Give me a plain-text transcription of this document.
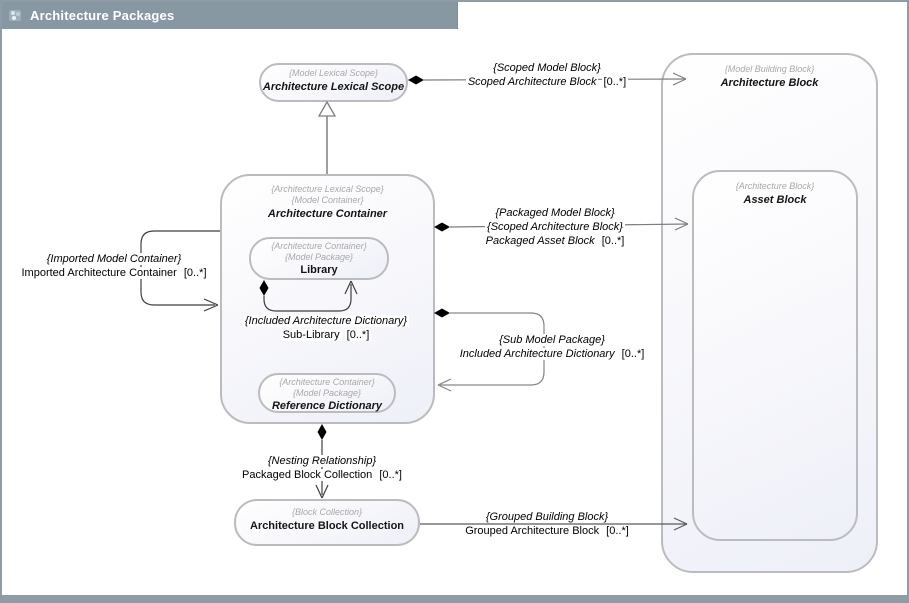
Architecture Packages
{Model Building Block}
Architecture Block
{Architecture Block}
Asset Block
{Model Lexical Scope}
Architecture Lexical Scope
{Architecture Lexical Scope}
{Model Container}
Architecture Container
{Architecture Container}
{Model Package}
Library
{Architecture Container}
{Model Package}
Reference Dictionary
{Block Collection}
Architecture Block Collection
{Scoped Model Block}
Scoped Architecture Block [0..*]
{Packaged Model Block}
{Scoped Architecture Block}
Packaged Asset Block [0..*]
{Imported Model Container}
Imported Architecture Container [0..*]
{Included Architecture Dictionary}
Sub-Library [0..*]	{Sub Model Package}
Included Architecture Dictionary [0..*]
{Nesting Relationship}
Packaged Block Collection [0..*]
{Grouped Building Block}
Grouped Architecture Block [0..*]
